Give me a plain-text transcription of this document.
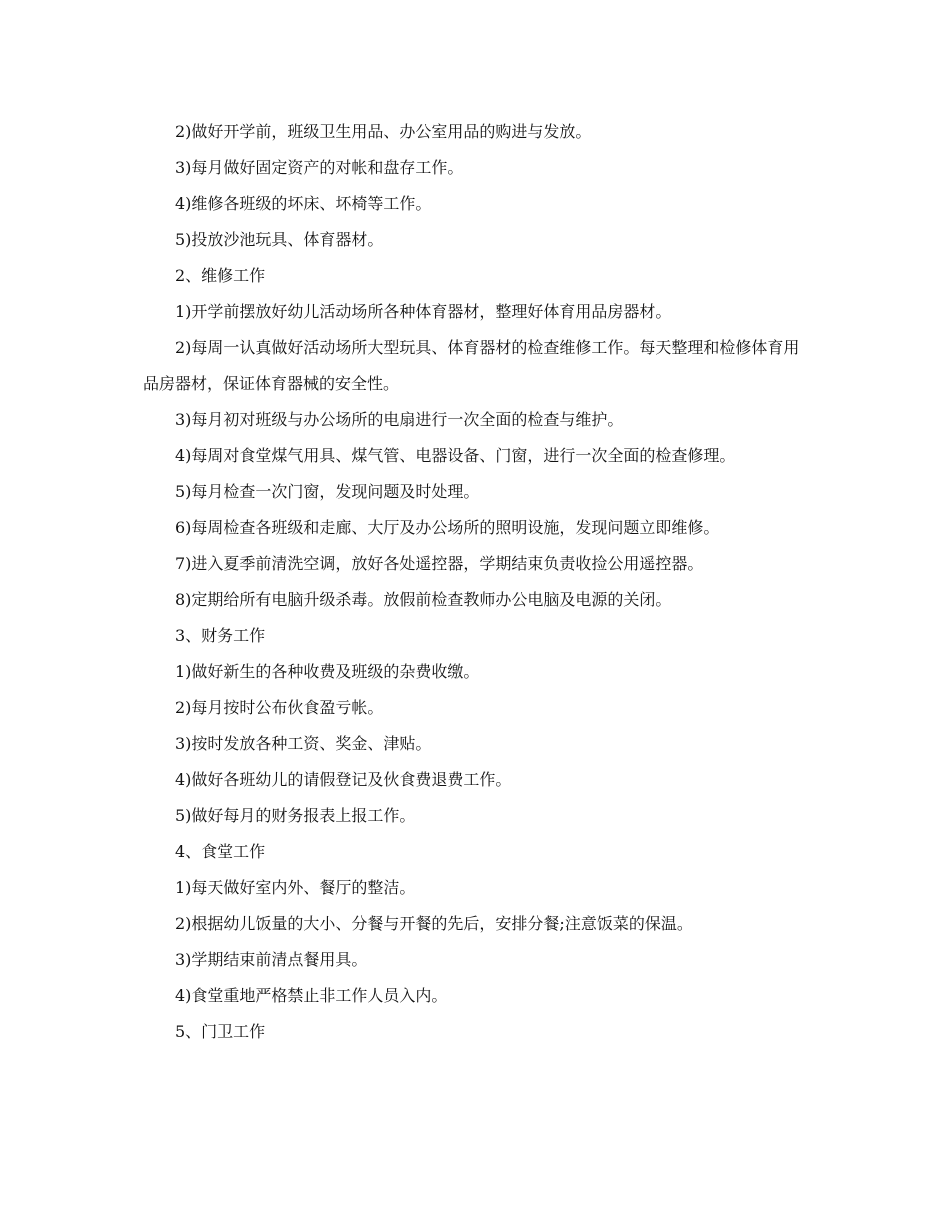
2)做好开学前，班级卫生用品、办公室用品的购进与发放。

3)每月做好固定资产的对帐和盘存工作。

4)维修各班级的坏床、坏椅等工作。

5)投放沙池玩具、体育器材。

2、维修工作

1)开学前摆放好幼儿活动场所各种体育器材，整理好体育用品房器材。

2)每周一认真做好活动场所大型玩具、体育器材的检查维修工作。每天整理和检修体育用品房器材，保证体育器械的安全性。

3)每月初对班级与办公场所的电扇进行一次全面的检查与维护。

4)每周对食堂煤气用具、煤气管、电器设备、门窗，进行一次全面的检查修理。

5)每月检查一次门窗，发现问题及时处理。

6)每周检查各班级和走廊、大厅及办公场所的照明设施，发现问题立即维修。

7)进入夏季前清洗空调，放好各处遥控器，学期结束负责收捡公用遥控器。

8)定期给所有电脑升级杀毒。放假前检查教师办公电脑及电源的关闭。

3、财务工作

1)做好新生的各种收费及班级的杂费收缴。

2)每月按时公布伙食盈亏帐。

3)按时发放各种工资、奖金、津贴。

4)做好各班幼儿的请假登记及伙食费退费工作。

5)做好每月的财务报表上报工作。

4、食堂工作

1)每天做好室内外、餐厅的整洁。

2)根据幼儿饭量的大小、分餐与开餐的先后，安排分餐;注意饭菜的保温。

3)学期结束前清点餐用具。

4)食堂重地严格禁止非工作人员入内。

5、门卫工作
